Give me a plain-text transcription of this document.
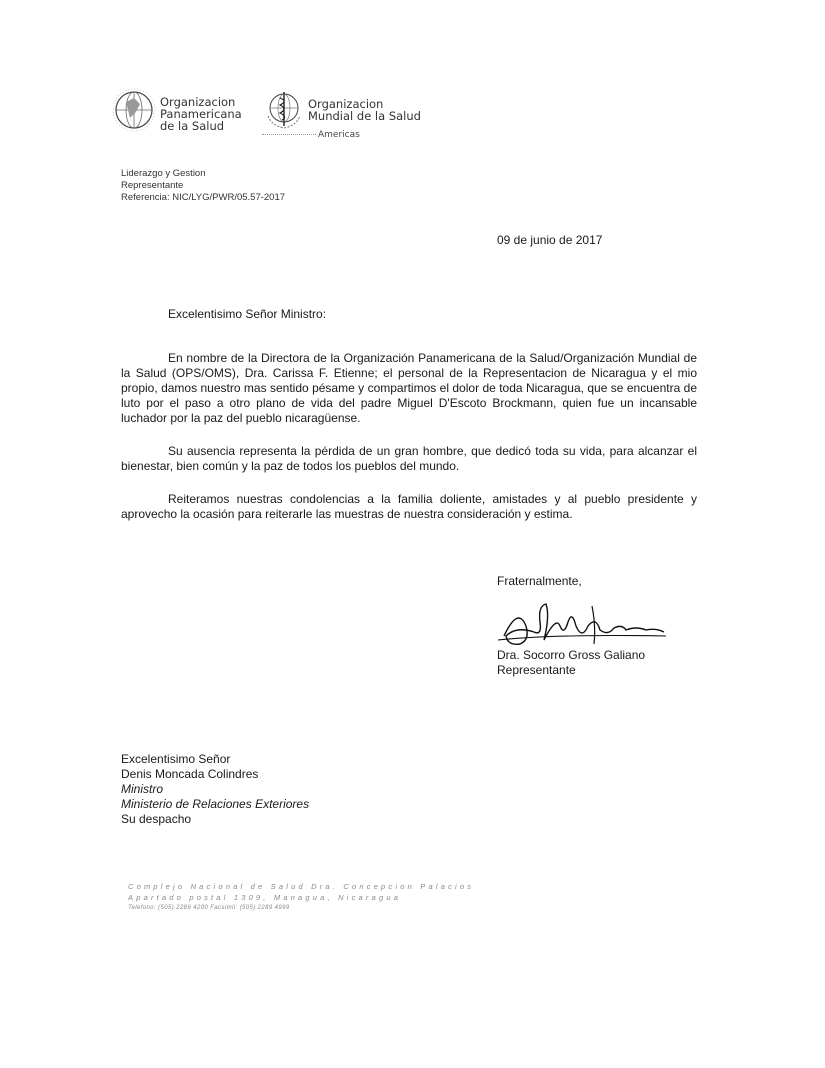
Organizacion
Panamericana
de la Salud
Organizacion
Mundial de la Salud
Americas
Liderazgo y Gestion
Representante
Referencia: NIC/LYG/PWR/05.57-2017
09 de junio de 2017
Excelentisimo Señor Ministro:

En nombre de la Directora de la Organización Panamericana de la Salud/Organización Mundial de la Salud (OPS/OMS), Dra. Carissa F. Etienne; el personal de la Representacion de Nicaragua y el mio propio, damos nuestro mas sentido pésame y compartimos el dolor de toda Nicaragua, que se encuentra de luto por el paso a otro plano de vida del padre Miguel D'Escoto Brockmann, quien fue un incansable luchador por la paz del pueblo nicaragüense.

Su ausencia representa la pérdida de un gran hombre, que dedicó toda su vida, para alcanzar el bienestar, bien común y la paz de todos los pueblos del mundo.

Reiteramos nuestras condolencias a la familia doliente, amistades y al pueblo presidente y aprovecho la ocasión para reiterarle las muestras de nuestra consideración y estima.

Fraternalmente,
Dra. Socorro Gross Galiano
Representante
Excelentisimo Señor
Denis Moncada Colindres
Ministro
Ministerio de Relaciones Exteriores
Su despacho
Complejo Nacional de Salud Dra. Concepcion Palacios
Apartado postal 1309, Managua, Nicaragua
Telefono: (505) 2289 4200 Facsimil: (505) 2289 4999
